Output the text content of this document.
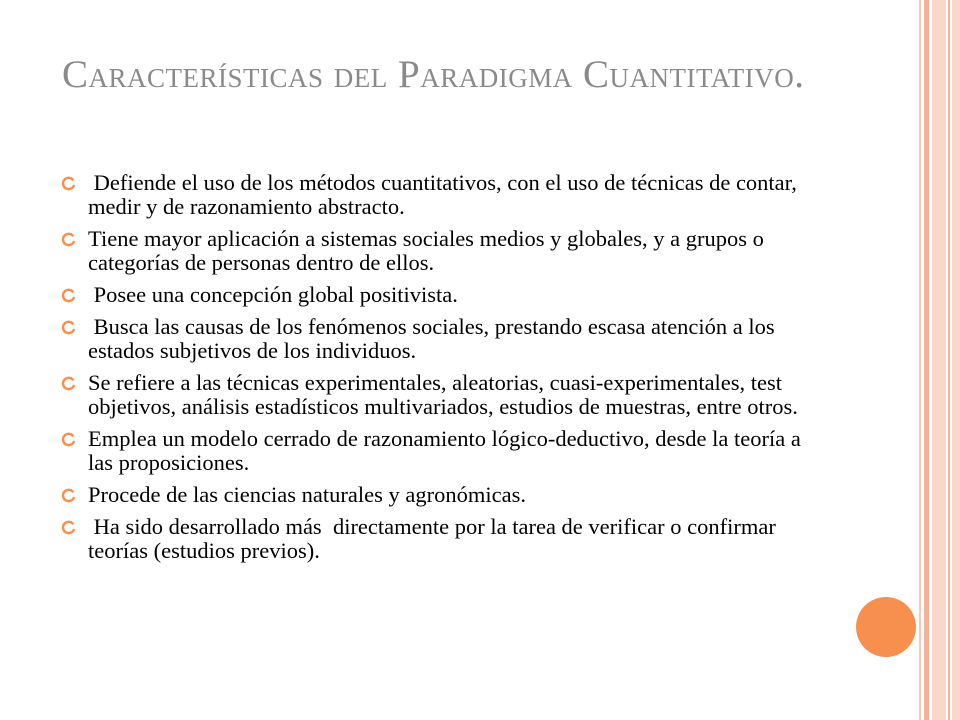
Características del Paradigma Cuantitativo.
Defiende el uso de los métodos cuantitativos, con el uso de técnicas de contar, medir y de razonamiento abstracto.
Tiene mayor aplicación a sistemas sociales medios y globales, y a grupos o categorías de personas dentro de ellos.
Posee una concepción global positivista.
Busca las causas de los fenómenos sociales, prestando escasa atención a los estados subjetivos de los individuos.
Se refiere a las técnicas experimentales, aleatorias, cuasi-experimentales, test objetivos, análisis estadísticos multivariados, estudios de muestras, entre otros.
Emplea un modelo cerrado de razonamiento lógico-deductivo, desde la teoría a las proposiciones.
Procede de las ciencias naturales y agronómicas.
Ha sido desarrollado más  directamente por la tarea de verificar o confirmar teorías (estudios previos).
